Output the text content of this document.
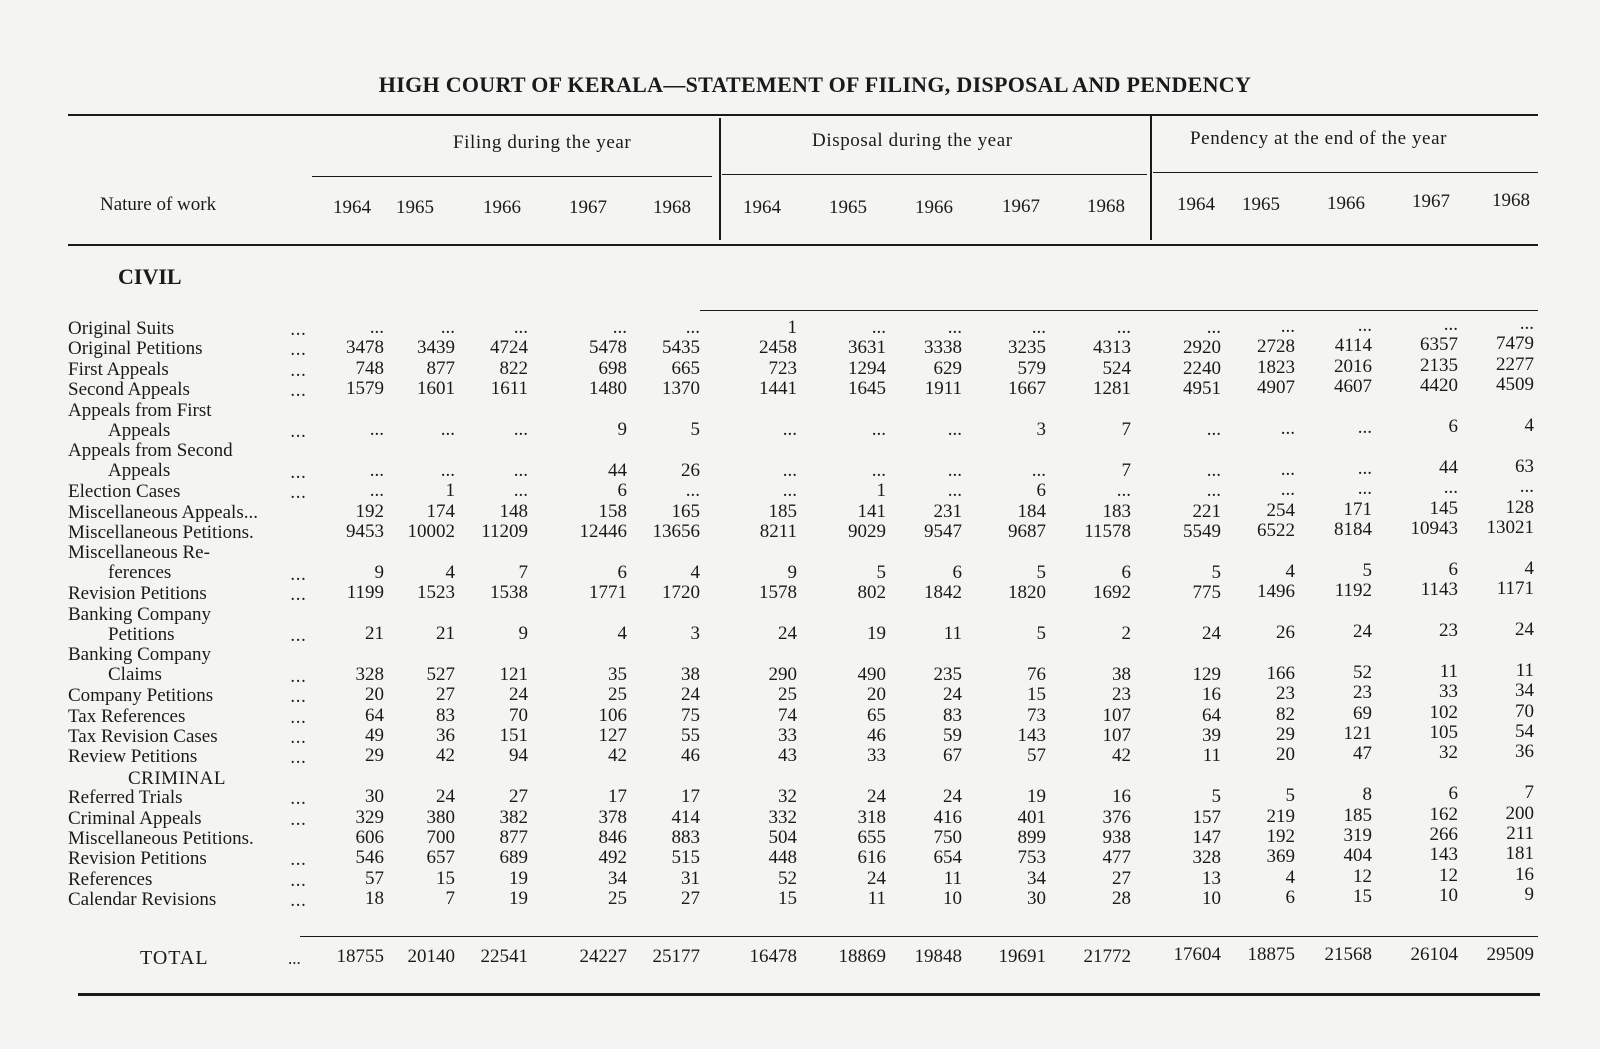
HIGH COURT OF KERALA—STATEMENT OF FILING, DISPOSAL AND PENDENCY
Filing during the year	Disposal during the year	Pendency at the end of the year
Nature of work	1964	1965	1966	1967	1968	1964	1965	1966	1967	1968	1964	1965	1966	1967	1968
CIVIL
Original Suits	...	...	...	...	...	...	1	...	...	...	...	...	...	...	...	...
Original Petitions	...	3478	3439	4724	5478	5435	2458	3631	3338	3235	4313	2920	2728	4114	6357	7479
First Appeals	...	748	877	822	698	665	723	1294	629	579	524	2240	1823	2016	2135	2277
Second Appeals	...	1579	1601	1611	1480	1370	1441	1645	1911	1667	1281	4951	4907	4607	4420	4509
Appeals from First
Appeals	...	...	...	...	9	5	...	...	...	3	7	...	...	...	6	4
Appeals from Second
Appeals	...	...	...	...	44	26	...	...	...	...	7	...	...	...	44	63
Election Cases	...	...	1	...	6	...	...	1	...	6	...	...	...	...	...	...
Miscellaneous Appeals...	192	174	148	158	165	185	141	231	184	183	221	254	171	145	128
Miscellaneous Petitions.	9453	10002	11209	12446	13656	8211	9029	9547	9687	11578	5549	6522	8184	10943	13021
Miscellaneous Re-
ferences	...	9	4	7	6	4	9	5	6	5	6	5	4	5	6	4
Revision Petitions	...	1199	1523	1538	1771	1720	1578	802	1842	1820	1692	775	1496	1192	1143	1171
Banking Company
Petitions	...	21	21	9	4	3	24	19	11	5	2	24	26	24	23	24
Banking Company
Claims	...	328	527	121	35	38	290	490	235	76	38	129	166	52	11	11
Company Petitions	...	20	27	24	25	24	25	20	24	15	23	16	23	23	33	34
Tax References	...	64	83	70	106	75	74	65	83	73	107	64	82	69	102	70
Tax Revision Cases	...	49	36	151	127	55	33	46	59	143	107	39	29	121	105	54
Review Petitions	...	29	42	94	42	46	43	33	67	57	42	11	20	47	32	36
Referred Trials	...	30	24	27	17	17	32	24	24	19	16	5	5	8	6	7
Criminal Appeals	...	329	380	382	378	414	332	318	416	401	376	157	219	185	162	200
Miscellaneous Petitions.	606	700	877	846	883	504	655	750	899	938	147	192	319	266	211
Revision Petitions	...	546	657	689	492	515	448	616	654	753	477	328	369	404	143	181
References	...	57	15	19	34	31	52	24	11	34	27	13	4	12	12	16
Calendar Revisions	...	18	7	19	25	27	15	11	10	30	28	10	6	15	10	9
CRIMINAL
TOTAL	...	18755	20140	22541	24227	25177	16478	18869	19848	19691	21772	17604	18875	21568	26104	29509
